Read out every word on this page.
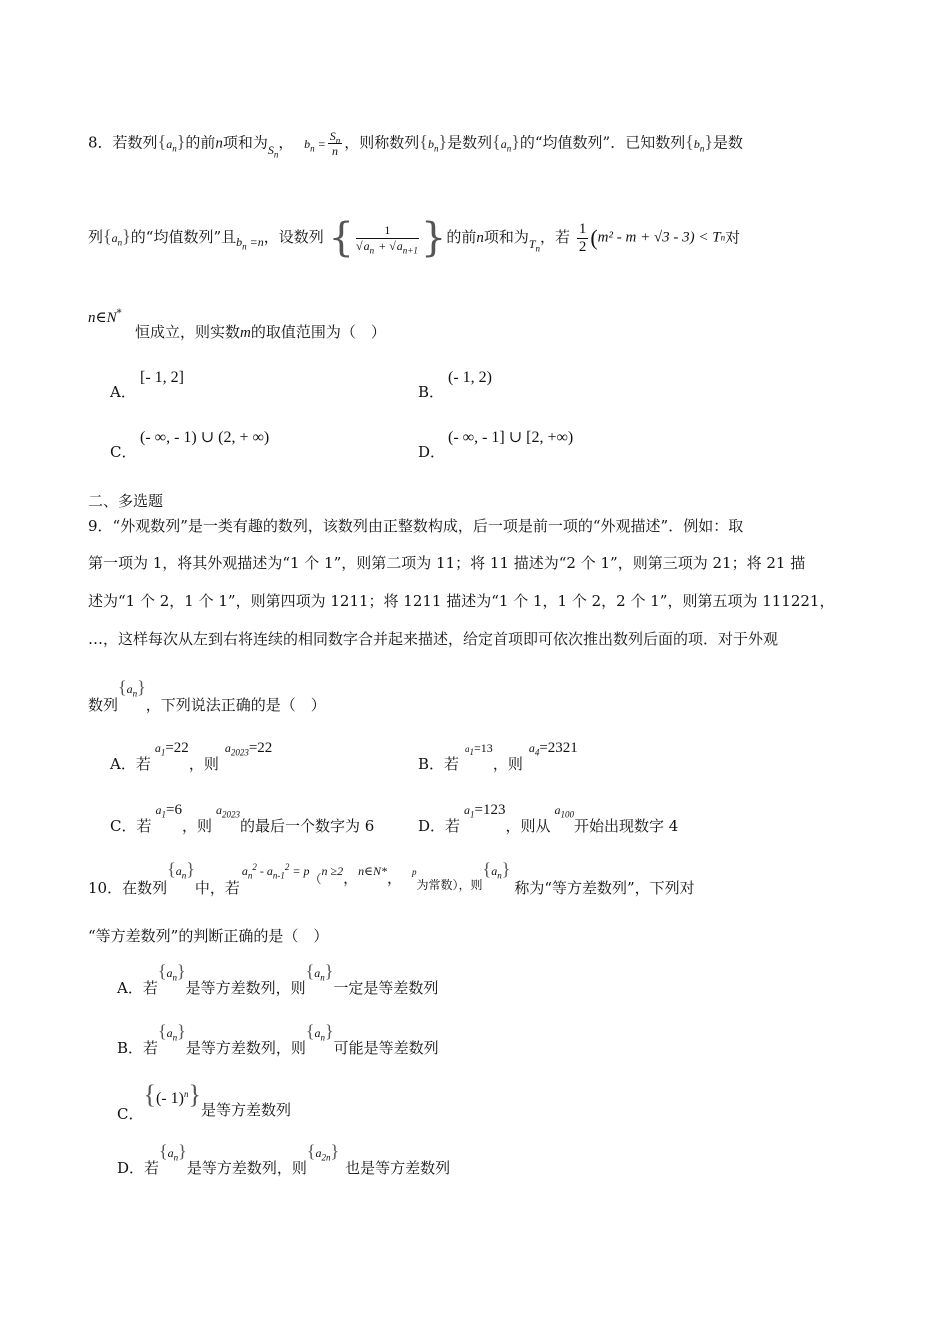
8．若数列$\{a_n\}$的前n项和为$_{S_n}$， $b_n = \frac{S_n}{n}$ ，则称数列$\{b_n\}$是数列$\{a_n\}$的“均值数列”．已知数列$\{b_n\}$是数
列$\{a_n\}$的“均值数列”且$_{b_n =n}$，设数列 { $\frac{1}{√a_n + √a_{n+1}}$ }的前n项和为$_{T_n}$，若 $\frac{1}{2} (m^2 - m + √3 - 3) < Tn$对
n∈N*
恒成立，则实数m的取值范围为（　）
A．
[- 1, 2]
B．
(- 1, 2)
C．
(- ∞, - 1) ∪ (2, + ∞)
D．
(- ∞, - 1] ∪ [2, +∞)
二、多选题
9．“外观数列”是一类有趣的数列，该数列由正整数构成，后一项是前一项的“外观描述”．例如：取
第一项为 1，将其外观描述为“1 个 1”，则第二项为 11；将 11 描述为“2 个 1”，则第三项为 21；将 21 描
述为“1 个 2，1 个 1”，则第四项为 1211；将 1211 描述为“1 个 1，1 个 2，2 个 1”，则第五项为 111221，
…，这样每次从左到右将连续的相同数字合并起来描述，给定首项即可依次推出数列后面的项．对于外观
数列$\{a_n\}$，下列说法正确的是（　）
A．若$a_1=22$，则$a_{2023}=22$
B．若$a_1=13$，则$a_4=2321$
C．若$a_1=6$，则$a_{2023}$的最后一个数字为 6	D．若$a_1=123$，则从$a_{100}$开始出现数字 4
10．在数列$\{a_n\}$中，若$a_n^2 - a_{n-1}^2 = p_(n \ge 2$，n∈N*， $p_{为常数),则}\{a_n\}$称为“等方差数列”，下列对
“等方差数列”的判断正确的是（　）
A．若$\{a_n\}$是等方差数列，则$\{a_n\}$一定是等差数列
B．若$\{a_n\}$是等方差数列，则$\{a_n\}$可能是等差数列
C．{(- 1)$^n$}是等方差数列
D．若$\{a_n\}$是等方差数列，则$\{a_{2n}\}$也是等方差数列
